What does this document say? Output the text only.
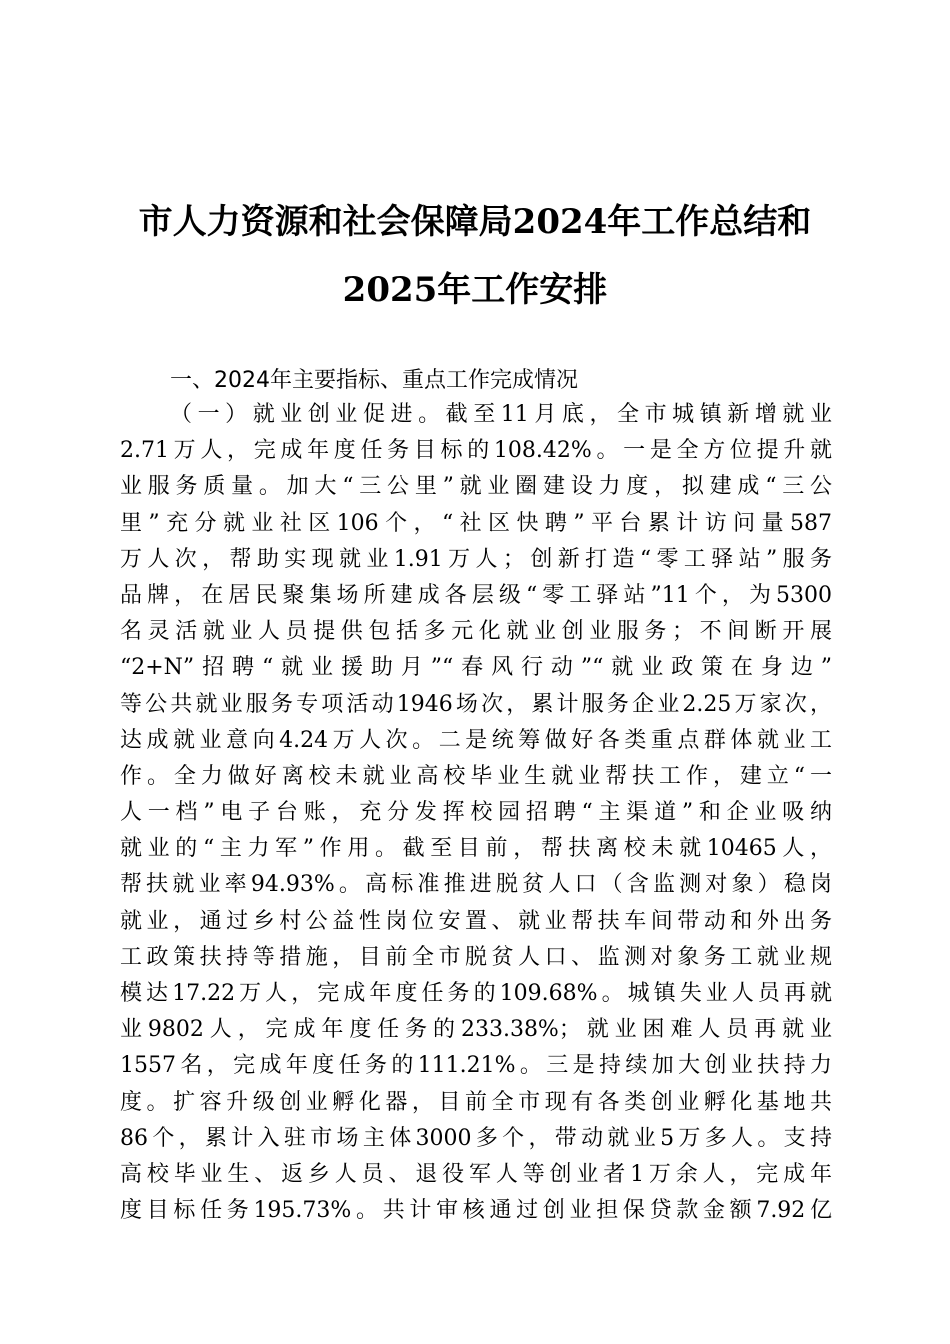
市人力资源和社会保障局2024年工作总结和
2025年工作安排
一、2024年主要指标、重点工作完成情况
（一）就业创业促进。截至11月底，全市城镇新增就业
2.71万人，完成年度任务目标的108.42%。一是全方位提升就
业服务质量。加大“三公里”就业圈建设力度，拟建成“三公
里”充分就业社区106个，“社区快聘”平台累计访问量587
万人次，帮助实现就业1.91万人；创新打造“零工驿站”服务
品牌，在居民聚集场所建成各层级“零工驿站”11个，为5300
名灵活就业人员提供包括多元化就业创业服务；不间断开展
“2+N”招聘“就业援助月”“春风行动”“就业政策在身边”
等公共就业服务专项活动1946场次，累计服务企业2.25万家次，
达成就业意向4.24万人次。二是统筹做好各类重点群体就业工
作。全力做好离校未就业高校毕业生就业帮扶工作，建立“一
人一档”电子台账，充分发挥校园招聘“主渠道”和企业吸纳
就业的“主力军”作用。截至目前，帮扶离校未就10465人，
帮扶就业率94.93%。高标准推进脱贫人口（含监测对象）稳岗
就业，通过乡村公益性岗位安置、就业帮扶车间带动和外出务
工政策扶持等措施，目前全市脱贫人口、监测对象务工就业规
模达17.22万人，完成年度任务的109.68%。城镇失业人员再就
业9802人，完成年度任务的233.38%；就业困难人员再就业
1557名，完成年度任务的111.21%。三是持续加大创业扶持力
度。扩容升级创业孵化器，目前全市现有各类创业孵化基地共
86个，累计入驻市场主体3000多个，带动就业5万多人。支持
高校毕业生、返乡人员、退役军人等创业者1万余人，完成年
度目标任务195.73%。共计审核通过创业担保贷款金额7.92亿
